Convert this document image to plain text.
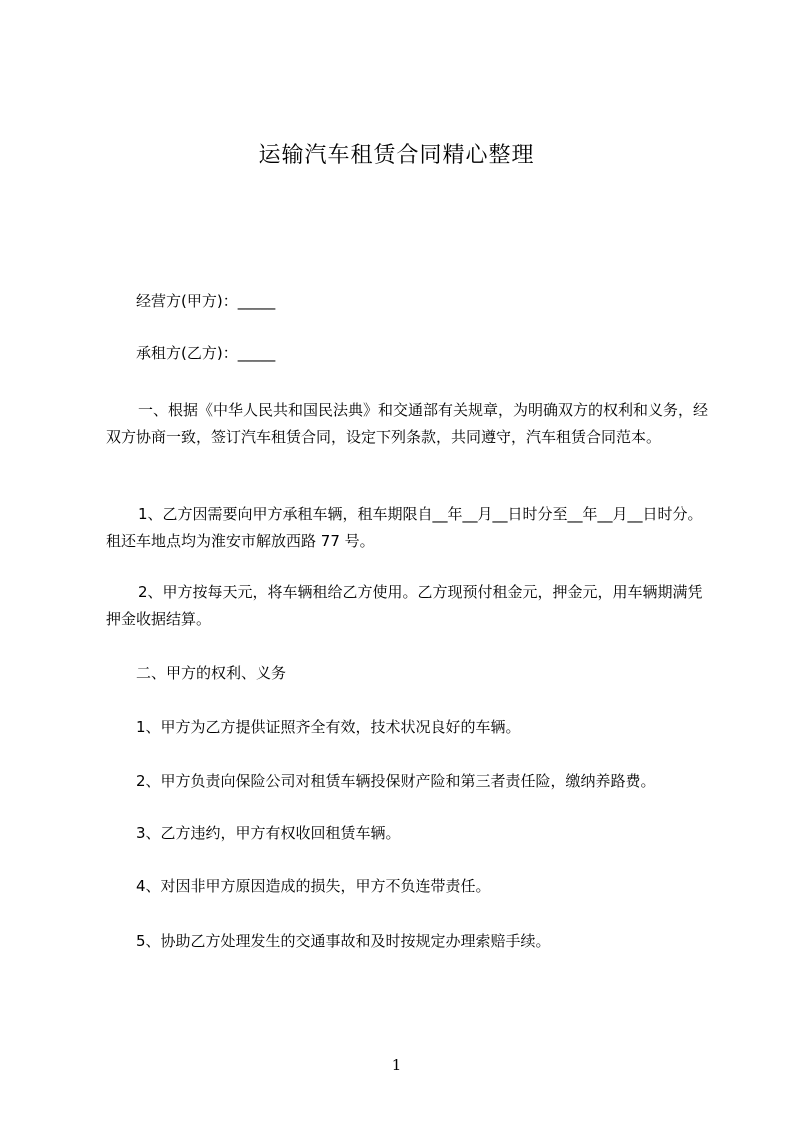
运输汽车租赁合同精心整理

经营方(甲方)：_____

承租方(乙方)：_____

一、根据《中华人民共和国民法典》和交通部有关规章，为明确双方的权利和义务，经双方协商一致，签订汽车租赁合同，设定下列条款，共同遵守，汽车租赁合同范本。

1、乙方因需要向甲方承租车辆，租车期限自__年__月__日时分至__年__月__日时分。租还车地点均为淮安市解放西路 77 号。

2、甲方按每天元，将车辆租给乙方使用。乙方现预付租金元，押金元，用车辆期满凭押金收据结算。

二、甲方的权利、义务

1、甲方为乙方提供证照齐全有效，技术状况良好的车辆。

2、甲方负责向保险公司对租赁车辆投保财产险和第三者责任险，缴纳养路费。

3、乙方违约，甲方有权收回租赁车辆。

4、对因非甲方原因造成的损失，甲方不负连带责任。

5、协助乙方处理发生的交通事故和及时按规定办理索赔手续。

1
